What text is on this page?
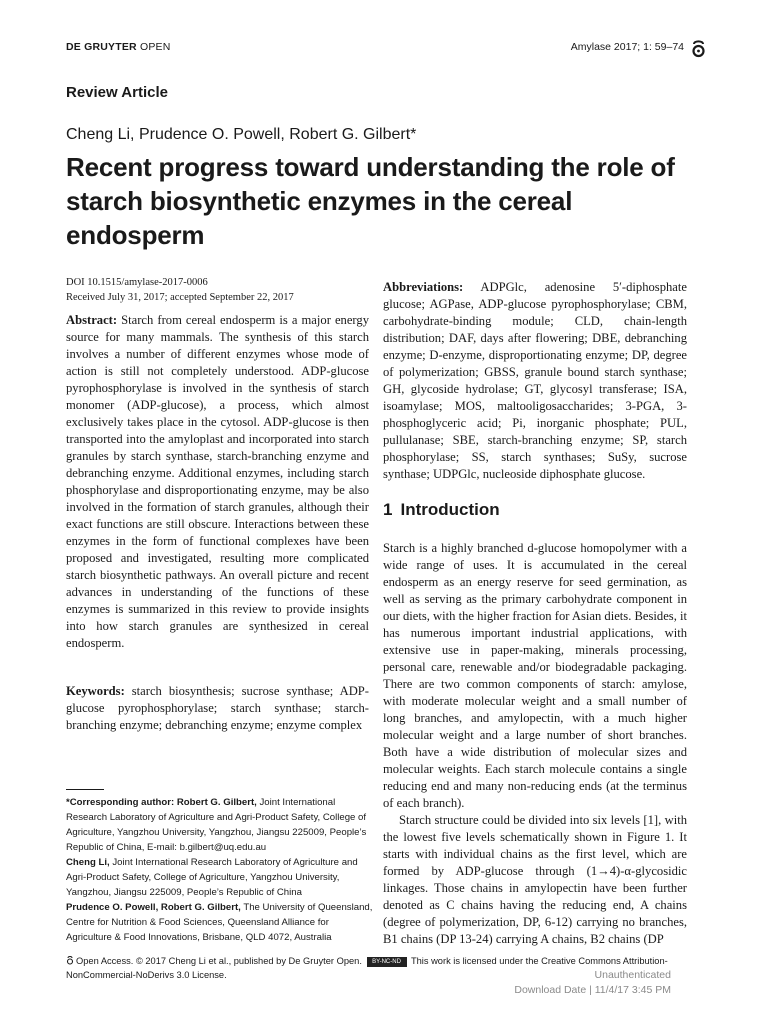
DE GRUYTER OPEN	Amylase 2017; 1: 59–74
Review Article
Cheng Li, Prudence O. Powell, Robert G. Gilbert*
Recent progress toward understanding the role of starch biosynthetic enzymes in the cereal endosperm
DOI 10.1515/amylase-2017-0006
Received July 31, 2017; accepted September 22, 2017
Abstract: Starch from cereal endosperm is a major energy source for many mammals. The synthesis of this starch involves a number of different enzymes whose mode of action is still not completely understood. ADP-glucose pyrophosphorylase is involved in the synthesis of starch monomer (ADP-glucose), a process, which almost exclusively takes place in the cytosol. ADP-glucose is then transported into the amyloplast and incorporated into starch granules by starch synthase, starch-branching enzyme and debranching enzyme. Additional enzymes, including starch phosphorylase and disproportionating enzyme, may be also involved in the formation of starch granules, although their exact functions are still obscure. Interactions between these enzymes in the form of functional complexes have been proposed and investigated, resulting more complicated starch biosynthetic pathways. An overall picture and recent advances in understanding of the functions of these enzymes is summarized in this review to provide insights into how starch granules are synthesized in cereal endosperm.
Keywords: starch biosynthesis; sucrose synthase; ADP-glucose pyrophosphorylase; starch synthase; starch-branching enzyme; debranching enzyme; enzyme complex

*Corresponding author: Robert G. Gilbert, Joint International Research Laboratory of Agriculture and Agri-Product Safety, College of Agriculture, Yangzhou University, Yangzhou, Jiangsu 225009, People’s Republic of China, E-mail: b.gilbert@uq.edu.au

Cheng Li, Joint International Research Laboratory of Agriculture and Agri-Product Safety, College of Agriculture, Yangzhou University, Yangzhou, Jiangsu 225009, People’s Republic of China

Prudence O. Powell, Robert G. Gilbert, The University of Queensland, Centre for Nutrition & Food Sciences, Queensland Alliance for Agriculture & Food Innovations, Brisbane, QLD 4072, Australia

Abbreviations: ADPGlc, adenosine 5′-diphosphate glucose; AGPase, ADP-glucose pyrophosphorylase; CBM, carbohydrate-binding module; CLD, chain-length distribution; DAF, days after flowering; DBE, debranching enzyme; D-enzyme, disproportionating enzyme; DP, degree of polymerization; GBSS, granule bound starch synthase; GH, glycoside hydrolase; GT, glycosyl transferase; ISA, isoamylase; MOS, maltooligosaccharides; 3-PGA, 3-phosphoglyceric acid; Pi, inorganic phosphate; PUL, pullulanase; SBE, starch-branching enzyme; SP, starch phosphorylase; SS, starch synthases; SuSy, sucrose synthase; UDPGlc, nucleoside diphosphate glucose.
1 Introduction

Starch is a highly branched d-glucose homopolymer with a wide range of uses. It is accumulated in the cereal endosperm as an energy reserve for seed germination, as well as serving as the primary carbohydrate component in our diets, with the higher fraction for Asian diets. Besides, it has numerous important industrial applications, with extensive use in paper-making, minerals processing, personal care, renewable and/or biodegradable packaging. There are two common components of starch: amylose, with moderate molecular weight and a small number of long branches, and amylopectin, with a much higher molecular weight and a large number of short branches. Both have a wide distribution of molecular sizes and molecular weights. Each starch molecule contains a single reducing end and many non-reducing ends (at the terminus of each branch).

Starch structure could be divided into six levels [1], with the lowest five levels schematically shown in Figure 1. It starts with individual chains as the first level, which are formed by ADP-glucose through (1→4)-α-glycosidic linkages. Those chains in amylopectin have been further denoted as C chains having the reducing end, A chains (degree of polymerization, DP, 6-12) carrying no branches, B1 chains (DP 13-24) carrying A chains, B2 chains (DP

Open Access. © 2017 Cheng Li et al., published by De Gruyter Open. BY-NC-ND This work is licensed under the Creative Commons Attribution-NonCommercial-NoDerivs 3.0 License.	Unauthenticated
Download Date | 11/4/17 3:45 PM
